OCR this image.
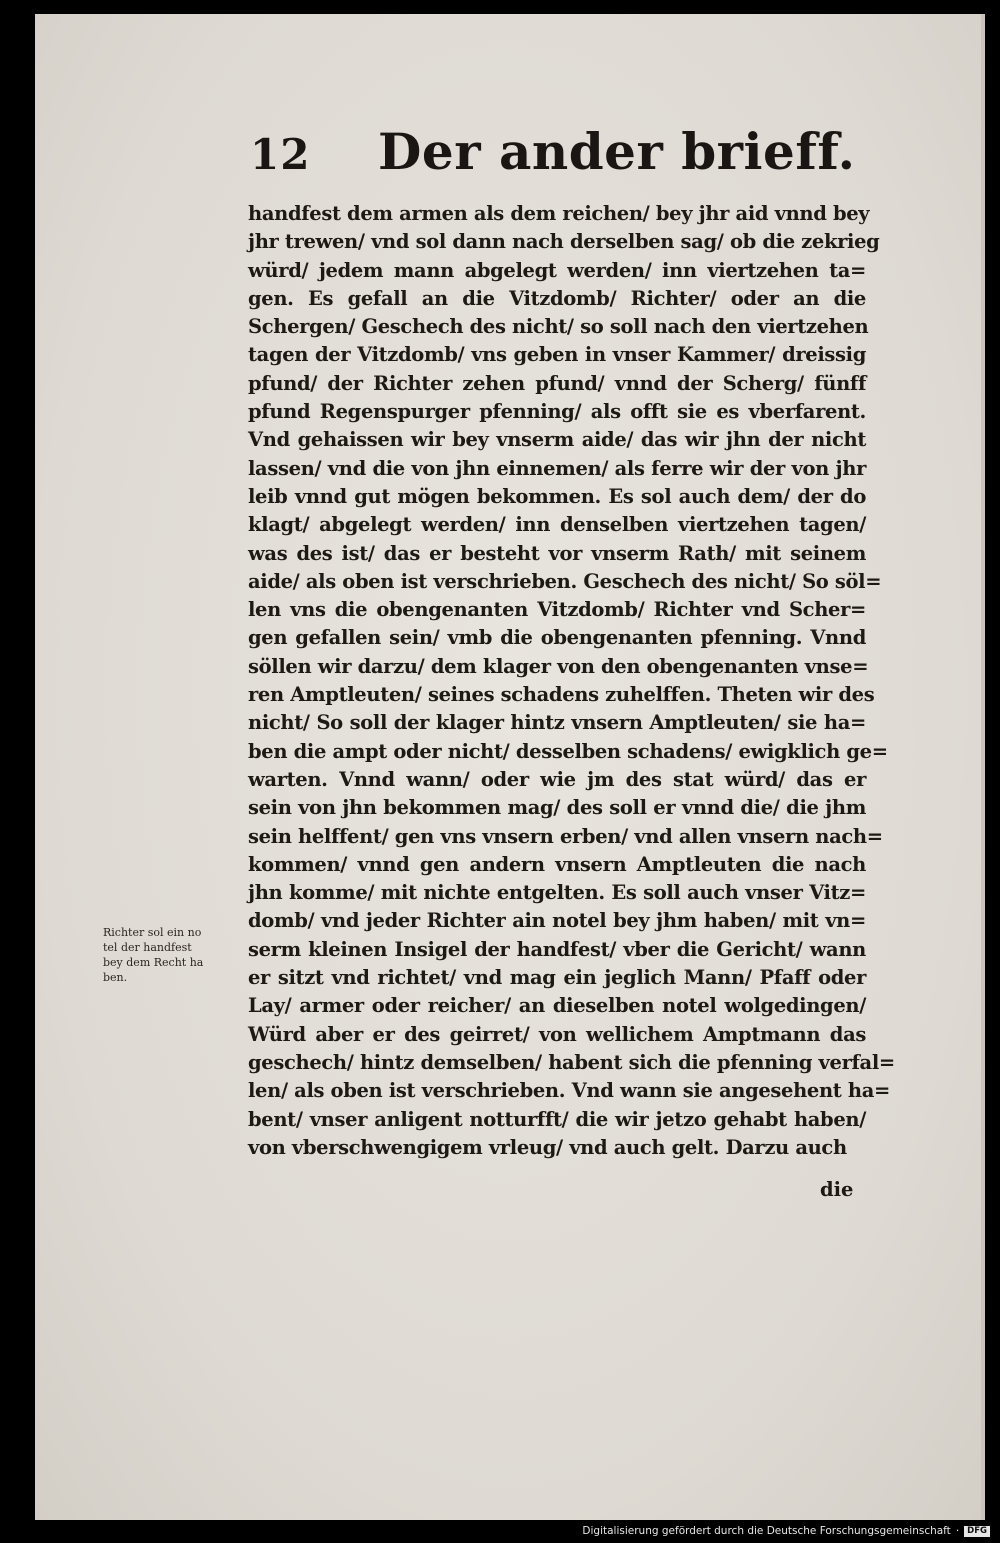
12 Der ander brieff.
handfest dem armen als dem reichen/ bey jhr aid vnnd bey
jhr trewen/ vnd sol dann nach derselben sag/ ob die zekrieg
würd/ jedem mann abgelegt werden/ inn viertzehen ta=
gen. Es gefall an die Vitzdomb/ Richter/ oder an die
Schergen/ Geschech des nicht/ so soll nach den viertzehen
tagen der Vitzdomb/ vns geben in vnser Kammer/ dreissig
pfund/ der Richter zehen pfund/ vnnd der Scherg/ fünff
pfund Regenspurger pfenning/ als offt sie es vberfarent.
Vnd gehaissen wir bey vnserm aide/ das wir jhn der nicht
lassen/ vnd die von jhn einnemen/ als ferre wir der von jhr
leib vnnd gut mögen bekommen. Es sol auch dem/ der do
klagt/ abgelegt werden/ inn denselben viertzehen tagen/
was des ist/ das er besteht vor vnserm Rath/ mit seinem
aide/ als oben ist verschrieben. Geschech des nicht/ So söl=
len vns die obengenanten Vitzdomb/ Richter vnd Scher=
gen gefallen sein/ vmb die obengenanten pfenning. Vnnd
söllen wir darzu/ dem klager von den obengenanten vnse=
ren Amptleuten/ seines schadens zuhelffen. Theten wir des
nicht/ So soll der klager hintz vnsern Amptleuten/ sie ha=
ben die ampt oder nicht/ desselben schadens/ ewigklich ge=
warten. Vnnd wann/ oder wie jm des stat würd/ das er
sein von jhn bekommen mag/ des soll er vnnd die/ die jhm
sein helffent/ gen vns vnsern erben/ vnd allen vnsern nach=
kommen/ vnnd gen andern vnsern Amptleuten die nach
jhn komme/ mit nichte entgelten. Es soll auch vnser Vitz=
domb/ vnd jeder Richter ain notel bey jhm haben/ mit vn=
serm kleinen Insigel der handfest/ vber die Gericht/ wann
er sitzt vnd richtet/ vnd mag ein jeglich Mann/ Pfaff oder
Lay/ armer oder reicher/ an dieselben notel wolgedingen/
Würd aber er des geirret/ von wellichem Amptmann das
geschech/ hintz demselben/ habent sich die pfenning verfal=
len/ als oben ist verschrieben. Vnd wann sie angesehent ha=
bent/ vnser anligent notturfft/ die wir jetzo gehabt haben/
von vberschwengigem vrleug/ vnd auch gelt. Darzu auch
die
Richter sol ein no
tel der handfest
bey dem Recht ha
ben.
Digitalisierung gefördert durch die Deutsche Forschungsgemeinschaft · DFG
